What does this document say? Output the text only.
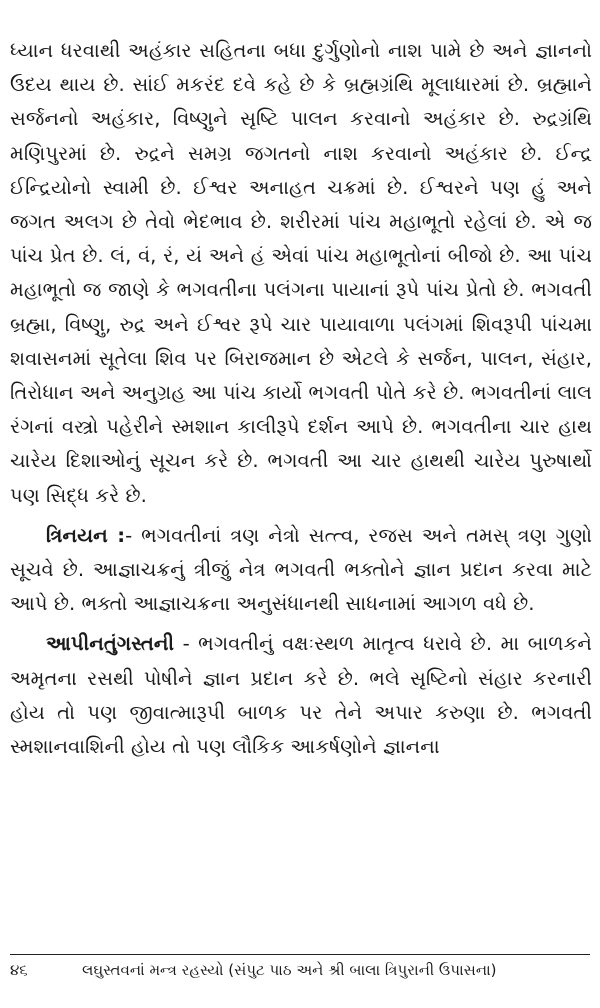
ધ્યાન ધરવાથી અહંકાર સહિતના બધા દુર્ગુણોનો નાશ પામે છે અને જ્ઞાનનો ઉદય થાય છે. સાંઈ મકરંદ દવે કહે છે કે બ્રહ્મગ્રંથિ મૂલાધારમાં છે. બ્રહ્માને સર્જનનો અહંકાર, વિષ્ણુને સૃષ્ટિ પાલન કરવાનો અહંકાર છે. રુદ્રગ્રંથિ મણિપુરમાં છે. રુદ્રને સમગ્ર જગતનો નાશ કરવાનો અહંકાર છે. ઈન્દ્ર ઈન્દ્રિયોનો સ્વામી છે. ઈશ્વર અનાહત ચક્રમાં છે. ઈશ્વરને પણ હું અને જગત અલગ છે તેવો ભેદભાવ છે. શરીરમાં પાંચ મહાભૂતો રહેલાં છે. એ જ પાંચ પ્રેત છે. લં, વં, રં, યં અને હં એવાં પાંચ મહાભૂતોનાં બીજો છે. આ પાંચ મહાભૂતો જ જાણે કે ભગવતીના પલંગના પાયાનાં રૂપે પાંચ પ્રેતો છે. ભગવતી બ્રહ્મા, વિષ્ણુ, રુદ્ર અને ઈશ્વર રૂપે ચાર પાયાવાળા પલંગમાં શિવરૂપી પાંચમા શવાસનમાં સૂતેલા શિવ પર બિરાજમાન છે એટલે કે સર્જન, પાલન, સંહાર, તિરોધાન અને અનુગ્રહ આ પાંચ કાર્યો ભગવતી પોતે કરે છે. ભગવતીનાં લાલ રંગનાં વસ્ત્રો પહેરીને સ્મશાન કાલીરૂપે દર્શન આપે છે. ભગવતીના ચાર હાથ ચારેય દિશાઓનું સૂચન કરે છે. ભગવતી આ ચાર હાથથી ચારેય પુરુષાર્થો પણ સિદ્ધ કરે છે.

ત્રિનયન :- ભગવતીનાં ત્રણ નેત્રો સત્ત્વ, રજસ અને તમસ્ ત્રણ ગુણો સૂચવે છે. આજ્ઞાચક્રનું ત્રીજું નેત્ર ભગવતી ભક્તોને જ્ઞાન પ્રદાન કરવા માટે આપે છે. ભક્તો આજ્ઞાચક્રના અનુસંધાનથી સાધનામાં આગળ વધે છે.

આપીનતુંગસ્તની - ભગવતીનું વક્ષઃસ્થળ માતૃત્વ ધરાવે છે. મા બાળકને અમૃતના રસથી પોષીને જ્ઞાન પ્રદાન કરે છે. ભલે સૃષ્ટિનો સંહાર કરનારી હોય તો પણ જીવાત્મારૂપી બાળક પર તેને અપાર કરુણા છે. ભગવતી સ્મશાનવાશિની હોય તો પણ લૌકિક આકર્ષણોને જ્ઞાનના

૪૬	લઘુસ્તવનાં મન્ત્ર રહસ્યો (સંપુટ પાઠ અને શ્રી બાલા ત્રિપુરાની ઉપાસના)
